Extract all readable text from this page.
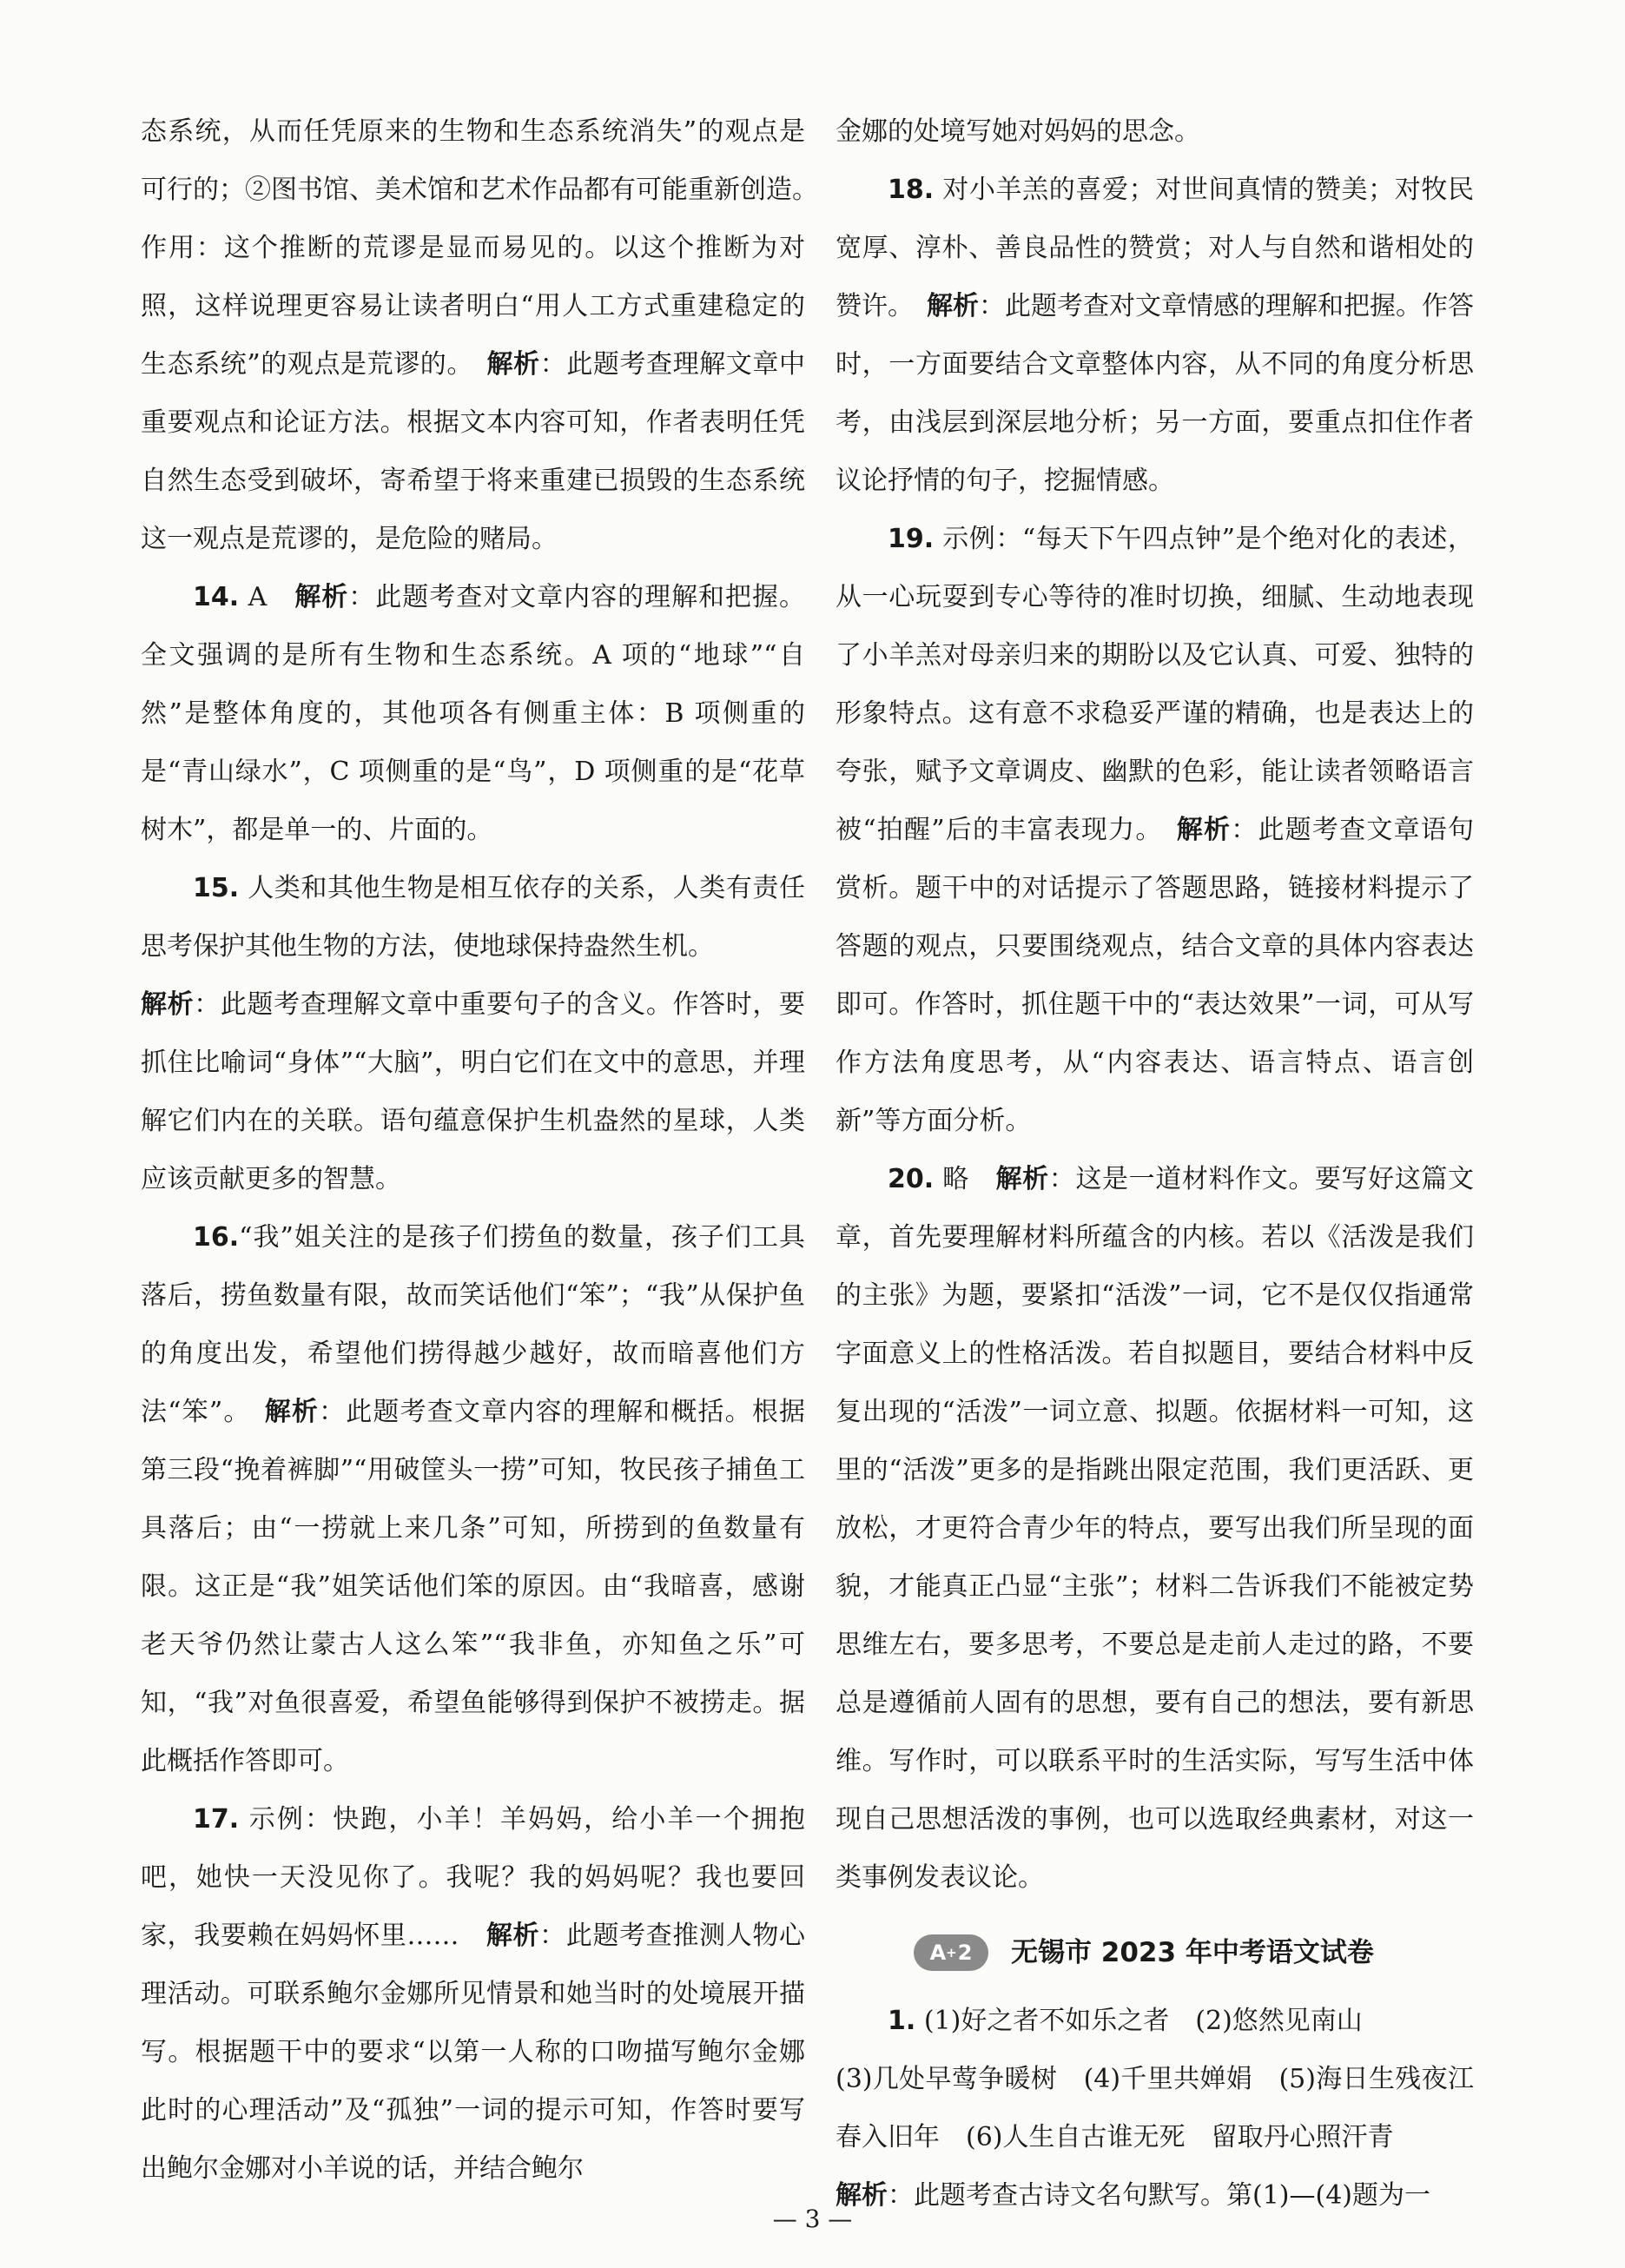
态系统，从而任凭原来的生物和生态系统消失”的观点是可行的；②图书馆、美术馆和艺术作品都有可能重新创造。　作用：这个推断的荒谬是显而易见的。以这个推断为对照，这样说理更容易让读者明白“用人工方式重建稳定的生态系统”的观点是荒谬的。　解析：此题考查理解文章中重要观点和论证方法。根据文本内容可知，作者表明任凭自然生态受到破坏，寄希望于将来重建已损毁的生态系统这一观点是荒谬的，是危险的赌局。

14. A　解析：此题考查对文章内容的理解和把握。全文强调的是所有生物和生态系统。A 项的“地球”“自然”是整体角度的，其他项各有侧重主体：B 项侧重的是“青山绿水”，C 项侧重的是“鸟”，D 项侧重的是“花草树木”，都是单一的、片面的。

15. 人类和其他生物是相互依存的关系，人类有责任思考保护其他生物的方法，使地球保持盎然生机。

解析：此题考查理解文章中重要句子的含义。作答时，要抓住比喻词“身体”“大脑”，明白它们在文中的意思，并理解它们内在的关联。语句蕴意保护生机盎然的星球，人类应该贡献更多的智慧。

16.“我”姐关注的是孩子们捞鱼的数量，孩子们工具落后，捞鱼数量有限，故而笑话他们“笨”；“我”从保护鱼的角度出发，希望他们捞得越少越好，故而暗喜他们方法“笨”。　解析：此题考查文章内容的理解和概括。根据第三段“挽着裤脚”“用破筐头一捞”可知，牧民孩子捕鱼工具落后；由“一捞就上来几条”可知，所捞到的鱼数量有限。这正是“我”姐笑话他们笨的原因。由“我暗喜，感谢老天爷仍然让蒙古人这么笨”“我非鱼，亦知鱼之乐”可知，“我”对鱼很喜爱，希望鱼能够得到保护不被捞走。据此概括作答即可。

17. 示例：快跑，小羊！羊妈妈，给小羊一个拥抱吧，她快一天没见你了。我呢？我的妈妈呢？我也要回家，我要赖在妈妈怀里……　解析：此题考查推测人物心理活动。可联系鲍尔金娜所见情景和她当时的处境展开描写。根据题干中的要求“以第一人称的口吻描写鲍尔金娜此时的心理活动”及“孤独”一词的提示可知，作答时要写出鲍尔金娜对小羊说的话，并结合鲍尔

金娜的处境写她对妈妈的思念。

18. 对小羊羔的喜爱；对世间真情的赞美；对牧民宽厚、淳朴、善良品性的赞赏；对人与自然和谐相处的赞许。　解析：此题考查对文章情感的理解和把握。作答时，一方面要结合文章整体内容，从不同的角度分析思考，由浅层到深层地分析；另一方面，要重点扣住作者议论抒情的句子，挖掘情感。

19. 示例：“每天下午四点钟”是个绝对化的表述，从一心玩耍到专心等待的准时切换，细腻、生动地表现了小羊羔对母亲归来的期盼以及它认真、可爱、独特的形象特点。这有意不求稳妥严谨的精确，也是表达上的夸张，赋予文章调皮、幽默的色彩，能让读者领略语言被“拍醒”后的丰富表现力。　解析：此题考查文章语句赏析。题干中的对话提示了答题思路，链接材料提示了答题的观点，只要围绕观点，结合文章的具体内容表达即可。作答时，抓住题干中的“表达效果”一词，可从写作方法角度思考，从“内容表达、语言特点、语言创新”等方面分析。

20. 略　解析：这是一道材料作文。要写好这篇文章，首先要理解材料所蕴含的内核。若以《活泼是我们的主张》为题，要紧扣“活泼”一词，它不是仅仅指通常字面意义上的性格活泼。若自拟题目，要结合材料中反复出现的“活泼”一词立意、拟题。依据材料一可知，这里的“活泼”更多的是指跳出限定范围，我们更活跃、更放松，才更符合青少年的特点，要写出我们所呈现的面貌，才能真正凸显“主张”；材料二告诉我们不能被定势思维左右，要多思考，不要总是走前人走过的路，不要总是遵循前人固有的思想，要有自己的想法，要有新思维。写作时，可以联系平时的生活实际，写写生活中体现自己思想活泼的事例，也可以选取经典素材，对这一类事例发表议论。

A + 2 无锡市 2023 年中考语文试卷

1. (1)好之者不如乐之者　(2)悠然见南山

(3)几处早莺争暖树　(4)千里共婵娟　(5)海日生残夜江春入旧年　(6)人生自古谁无死　留取丹心照汗青

解析：此题考查古诗文名句默写。第(1)—(4)题为一

— 3 —
